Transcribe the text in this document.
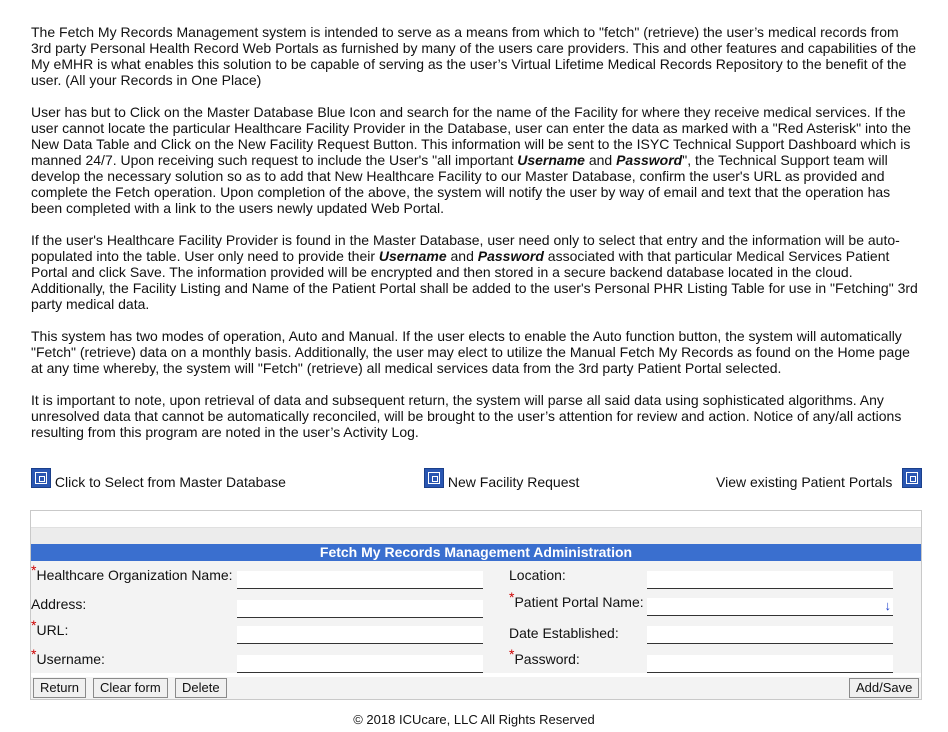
The Fetch My Records Management system is intended to serve as a means from which to "fetch" (retrieve) the user’s medical records from 3rd party Personal Health Record Web Portals as furnished by many of the users care providers. This and other features and capabilities of the My eMHR is what enables this solution to be capable of serving as the user’s Virtual Lifetime Medical Records Repository to the benefit of the user. (All your Records in One Place)

User has but to Click on the Master Database Blue Icon and search for the name of the Facility for where they receive medical services. If the user cannot locate the particular Healthcare Facility Provider in the Database, user can enter the data as marked with a "Red Asterisk" into the New Data Table and Click on the New Facility Request Button. This information will be sent to the ISYC Technical Support Dashboard which is manned 24/7. Upon receiving such request to include the User's "all important Username and Password", the Technical Support team will develop the necessary solution so as to add that New Healthcare Facility to our Master Database, confirm the user's URL as provided and complete the Fetch operation. Upon completion of the above, the system will notify the user by way of email and text that the operation has been completed with a link to the users newly updated Web Portal.

If the user's Healthcare Facility Provider is found in the Master Database, user need only to select that entry and the information will be auto-populated into the table. User only need to provide their Username and Password associated with that particular Medical Services Patient Portal and click Save. The information provided will be encrypted and then stored in a secure backend database located in the cloud. Additionally, the Facility Listing and Name of the Patient Portal shall be added to the user's Personal PHR Listing Table for use in "Fetching" 3rd party medical data.

This system has two modes of operation, Auto and Manual. If the user elects to enable the Auto function button, the system will automatically "Fetch" (retrieve) data on a monthly basis. Additionally, the user may elect to utilize the Manual Fetch My Records as found on the Home page at any time whereby, the system will "Fetch" (retrieve) all medical services data from the 3rd party Patient Portal selected.

It is important to note, upon retrieval of data and subsequent return, the system will parse all said data using sophisticated algorithms. Any unresolved data that cannot be automatically reconciled, will be brought to the user’s attention for review and action. Notice of any/all actions resulting from this program are noted in the user’s Activity Log.

Click to Select from Master Database	New Facility Request	View existing Patient Portals
Fetch My Records Management Administration
*Healthcare Organization Name:	Location:
Address:	*Patient Portal Name:	↓
*URL:	Date Established:
*Username:	*Password:
Return	Clear form	Delete	Add/Save
© 2018 ICUcare, LLC All Rights Reserved
